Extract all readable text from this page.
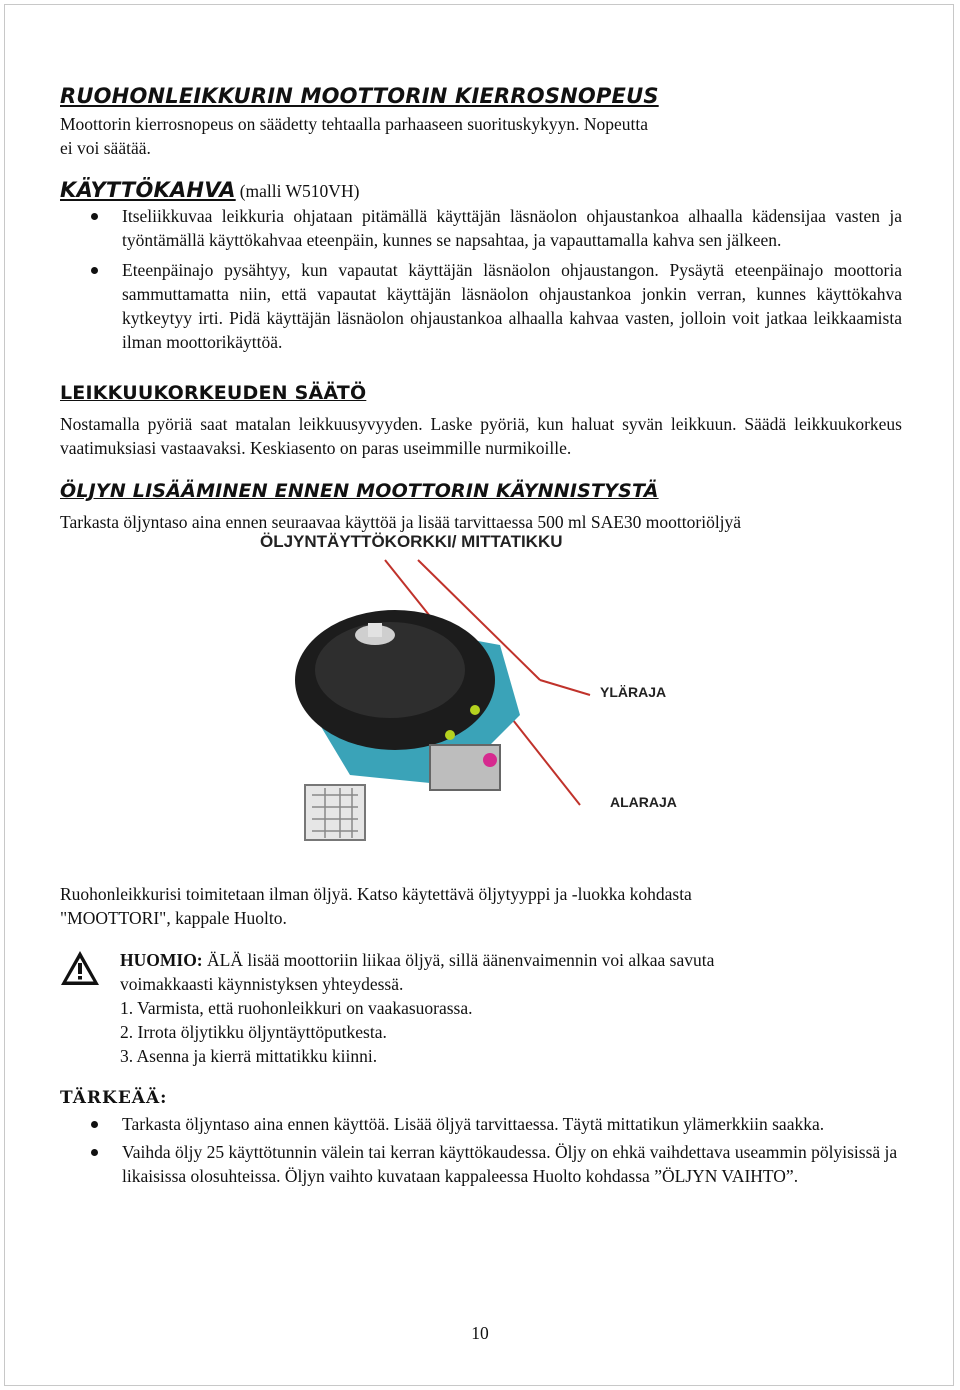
RUOHONLEIKKURIN MOOTTORIN KIERROSNOPEUS

Moottorin kierrosnopeus on säädetty tehtaalla parhaaseen suorituskykyyn. Nopeutta

ei voi säätää.

KÄYTTÖKAHVA (malli W510VH)
Itseliikkuvaa leikkuria ohjataan pitämällä käyttäjän läsnäolon ohjaustankoa alhaalla kädensijaa vasten ja työntämällä käyttökahvaa eteenpäin, kunnes se napsahtaa, ja vapauttamalla kahva sen jälkeen.
Eteenpäinajo pysähtyy, kun vapautat käyttäjän läsnäolon ohjaustangon. Pysäytä eteenpäinajo moottoria sammuttamatta niin, että vapautat käyttäjän läsnäolon ohjaustankoa jonkin verran, kunnes käyttökahva kytkeytyy irti. Pidä käyttäjän läsnäolon ohjaustankoa alhaalla kahvaa vasten, jolloin voit jatkaa leikkaamista ilman moottorikäyttöä.
LEIKKUUKORKEUDEN SÄÄTÖ

Nostamalla pyöriä saat matalan leikkuusyvyyden. Laske pyöriä, kun haluat syvän leikkuun. Säädä leikkuukorkeus vaatimuksiasi vastaavaksi. Keskiasento on paras useimmille nurmikoille.

ÖLJYN LISÄÄMINEN ENNEN MOOTTORIN KÄYNNISTYSTÄ

Tarkasta öljyntaso aina ennen seuraavaa käyttöä ja lisää tarvittaessa 500 ml SAE30 moottoriöljyä

Ruohonleikkurisi toimitetaan ilman öljyä. Katso käytettävä öljytyyppi ja -luokka kohdasta

"MOOTTORI", kappale Huolto.

HUOMIO: ÄLÄ lisää moottoriin liikaa öljyä, sillä äänenvaimennin voi alkaa savuta

voimakkaasti käynnistyksen yhteydessä.

1. Varmista, että ruohonleikkuri on vaakasuorassa.

2. Irrota öljytikku öljyntäyttöputkesta.

3. Asenna ja kierrä mittatikku kiinni.

TÄRKEÄÄ:
Tarkasta öljyntaso aina ennen käyttöä. Lisää öljyä tarvittaessa. Täytä mittatikun ylämerkkiin saakka.
Vaihda öljy 25 käyttötunnin välein tai kerran käyttökaudessa. Öljy on ehkä vaihdettava useammin pölyisissä ja likaisissa olosuhteissa. Öljyn vaihto kuvataan kappaleessa Huolto kohdassa ”ÖLJYN VAIHTO”.
ÖLJYNTÄYTTÖKORKKI/ MITTATIKKU
YLÄRAJA
ALARAJA
10
